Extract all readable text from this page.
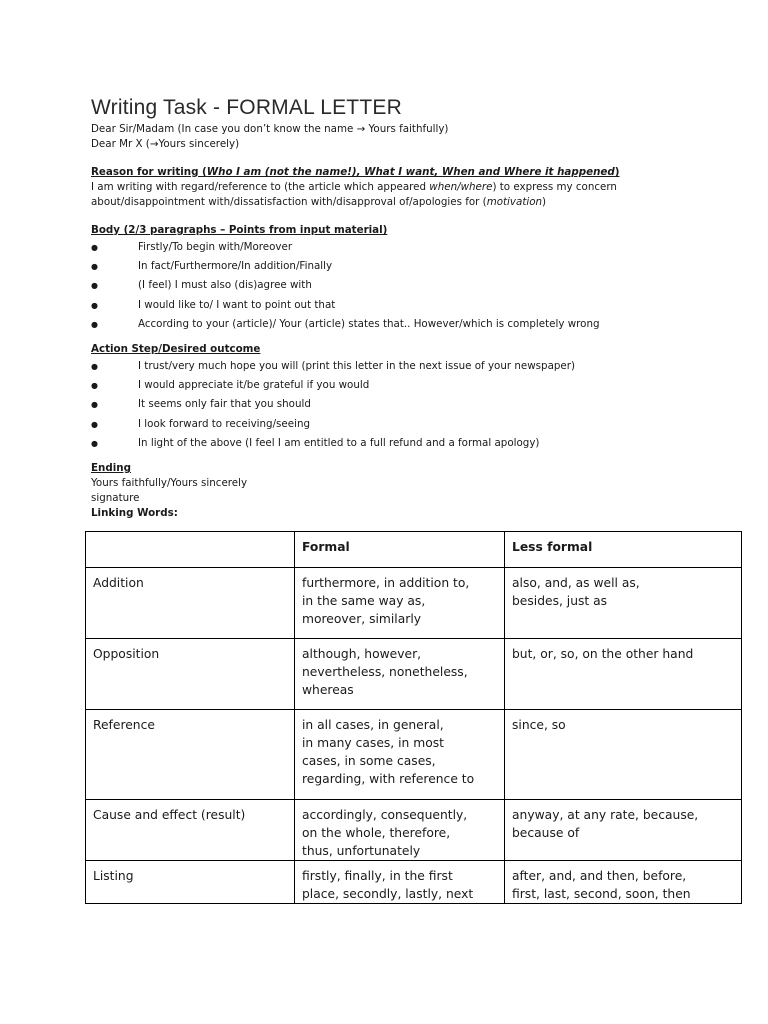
Writing Task - FORMAL LETTER
Dear Sir/Madam (In case you don’t know the name → Yours faithfully)
Dear Mr X (→Yours sincerely)
Reason for writing (Who I am (not the name!), What I want, When and Where it happened)
I am writing with regard/reference to (the article which appeared when/where) to express my concern
about/disappointment with/dissatisfaction with/disapproval of/apologies for (motivation)
Body (2/3 paragraphs – Points from input material)
●	Firstly/To begin with/Moreover
●	In fact/Furthermore/In addition/Finally
●	(I feel) I must also (dis)agree with
●	I would like to/ I want to point out that
●	According to your (article)/ Your (article) states that.. However/which is completely wrong
Action Step/Desired outcome
●	I trust/very much hope you will (print this letter in the next issue of your newspaper)
●	I would appreciate it/be grateful if you would
●	It seems only fair that you should
●	I look forward to receiving/seeing
●	In light of the above (I feel I am entitled to a full refund and a formal apology)
Ending
Yours faithfully/Yours sincerely
signature
Linking Words:
	Formal	Less formal
Addition	furthermore, in addition to,
in the same way as,
moreover, similarly	also, and, as well as,
besides, just as
Opposition	although, however,
nevertheless, nonetheless,
whereas	but, or, so, on the other hand
Reference	in all cases, in general,
in many cases, in most
cases, in some cases,
regarding, with reference to	since, so
Cause and effect (result)	accordingly, consequently,
on the whole, therefore,
thus, unfortunately	anyway, at any rate, because,
because of
Listing	firstly, finally, in the first
place, secondly, lastly, next	after, and, and then, before,
first, last, second, soon, then
